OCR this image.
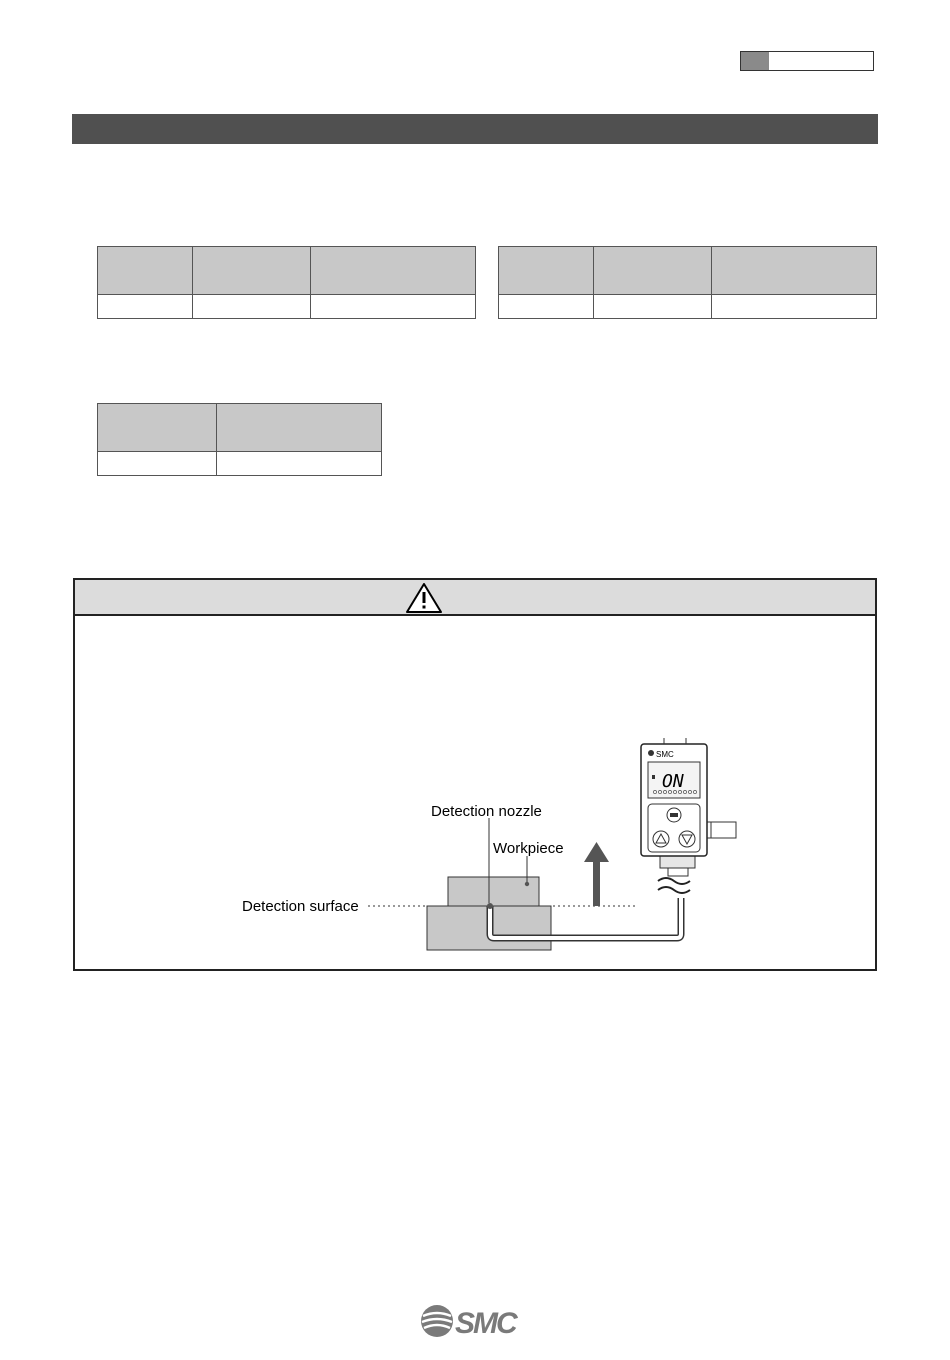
SMC
ON
Detection nozzle
Workpiece
Detection surface
SMC
